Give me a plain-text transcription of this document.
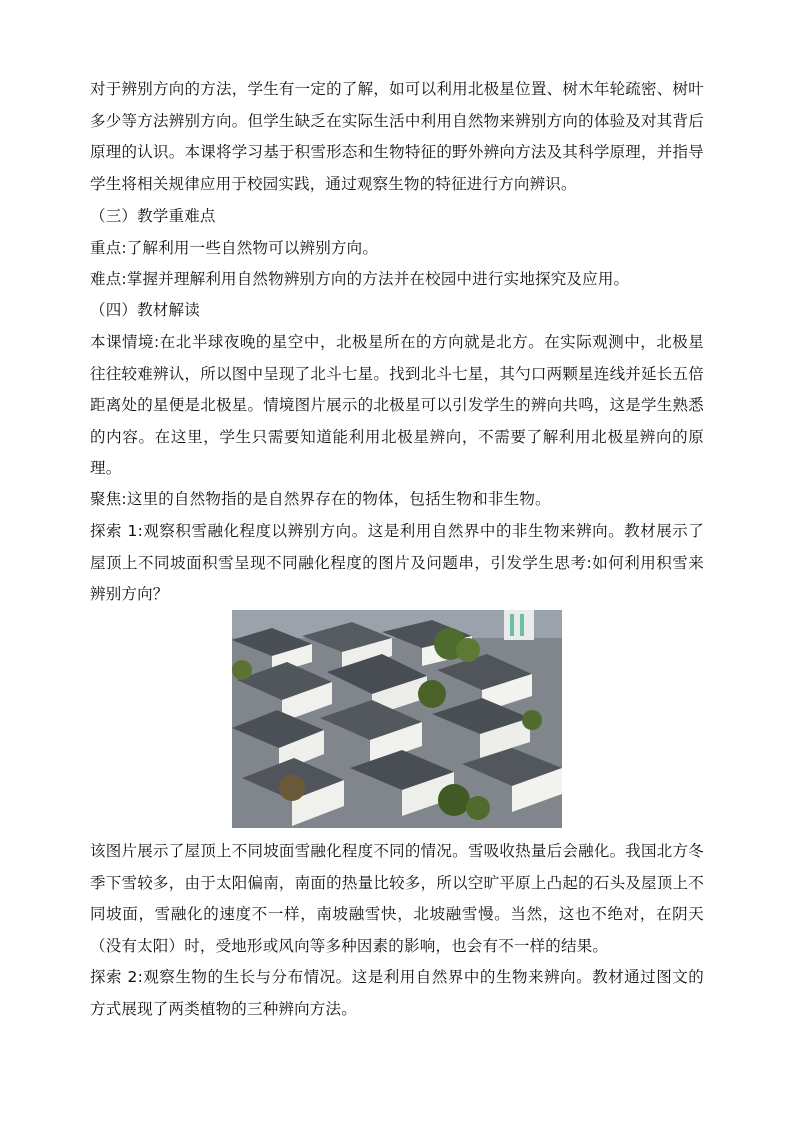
对于辨别方向的方法，学生有一定的了解，如可以利用北极星位置、树木年轮疏密、树叶多少等方法辨别方向。但学生缺乏在实际生活中利用自然物来辨别方向的体验及对其背后原理的认识。本课将学习基于积雪形态和生物特征的野外辨向方法及其科学原理，并指导学生将相关规律应用于校园实践，通过观察生物的特征进行方向辨识。

（三）教学重难点

重点:了解利用一些自然物可以辨别方向。

难点:掌握并理解利用自然物辨别方向的方法并在校园中进行实地探究及应用。

（四）教材解读

本课情境:在北半球夜晚的星空中，北极星所在的方向就是北方。在实际观测中，北极星往往较难辨认，所以图中呈现了北斗七星。找到北斗七星，其勺口两颗星连线并延长五倍距离处的星便是北极星。情境图片展示的北极星可以引发学生的辨向共鸣，这是学生熟悉的内容。在这里，学生只需要知道能利用北极星辨向，不需要了解利用北极星辨向的原理。

聚焦:这里的自然物指的是自然界存在的物体，包括生物和非生物。

探索 1:观察积雪融化程度以辨别方向。这是利用自然界中的非生物来辨向。教材展示了屋顶上不同坡面积雪呈现不同融化程度的图片及问题串，引发学生思考:如何利用积雪来辨别方向？

该图片展示了屋顶上不同坡面雪融化程度不同的情况。雪吸收热量后会融化。我国北方冬季下雪较多，由于太阳偏南，南面的热量比较多，所以空旷平原上凸起的石头及屋顶上不同坡面，雪融化的速度不一样，南坡融雪快，北坡融雪慢。当然，这也不绝对，在阴天（没有太阳）时，受地形或风向等多种因素的影响，也会有不一样的结果。

探索 2:观察生物的生长与分布情况。这是利用自然界中的生物来辨向。教材通过图文的方式展现了两类植物的三种辨向方法。
